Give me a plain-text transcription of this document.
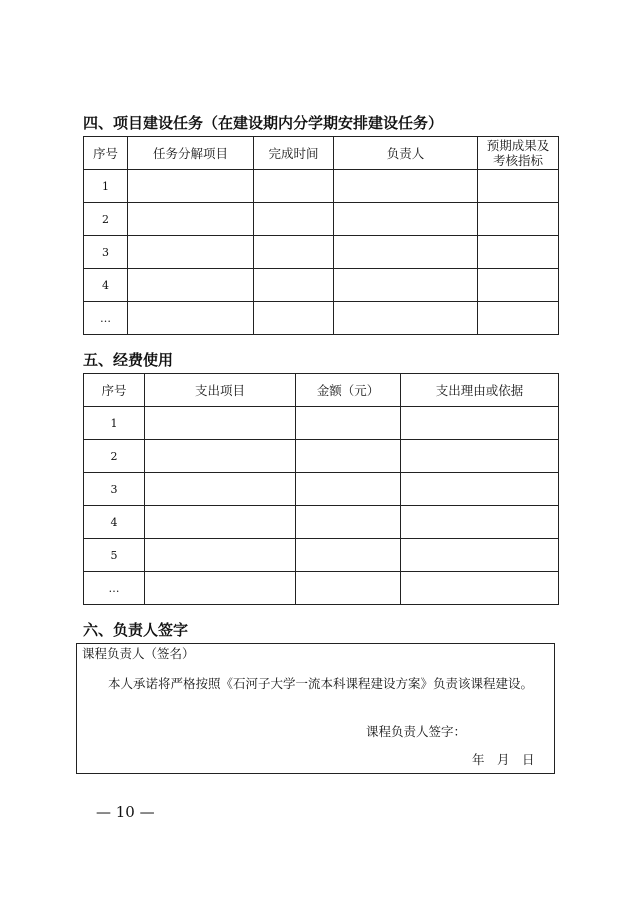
四、项目建设任务（在建设期内分学期安排建设任务）
序号	任务分解项目	完成时间	负责人	预期成果及
考核指标

1				
2				
3				
4				
…				
五、经费使用
序号	支出项目	金额（元）	支出理由或依据
1			
2			
3			
4			
5			
…			
六、负责人签字
课程负责人（签名）
本人承诺将严格按照《石河子大学一流本科课程建设方案》负责该课程建设。
课程负责人签字：
年　月　日
— 10 —
